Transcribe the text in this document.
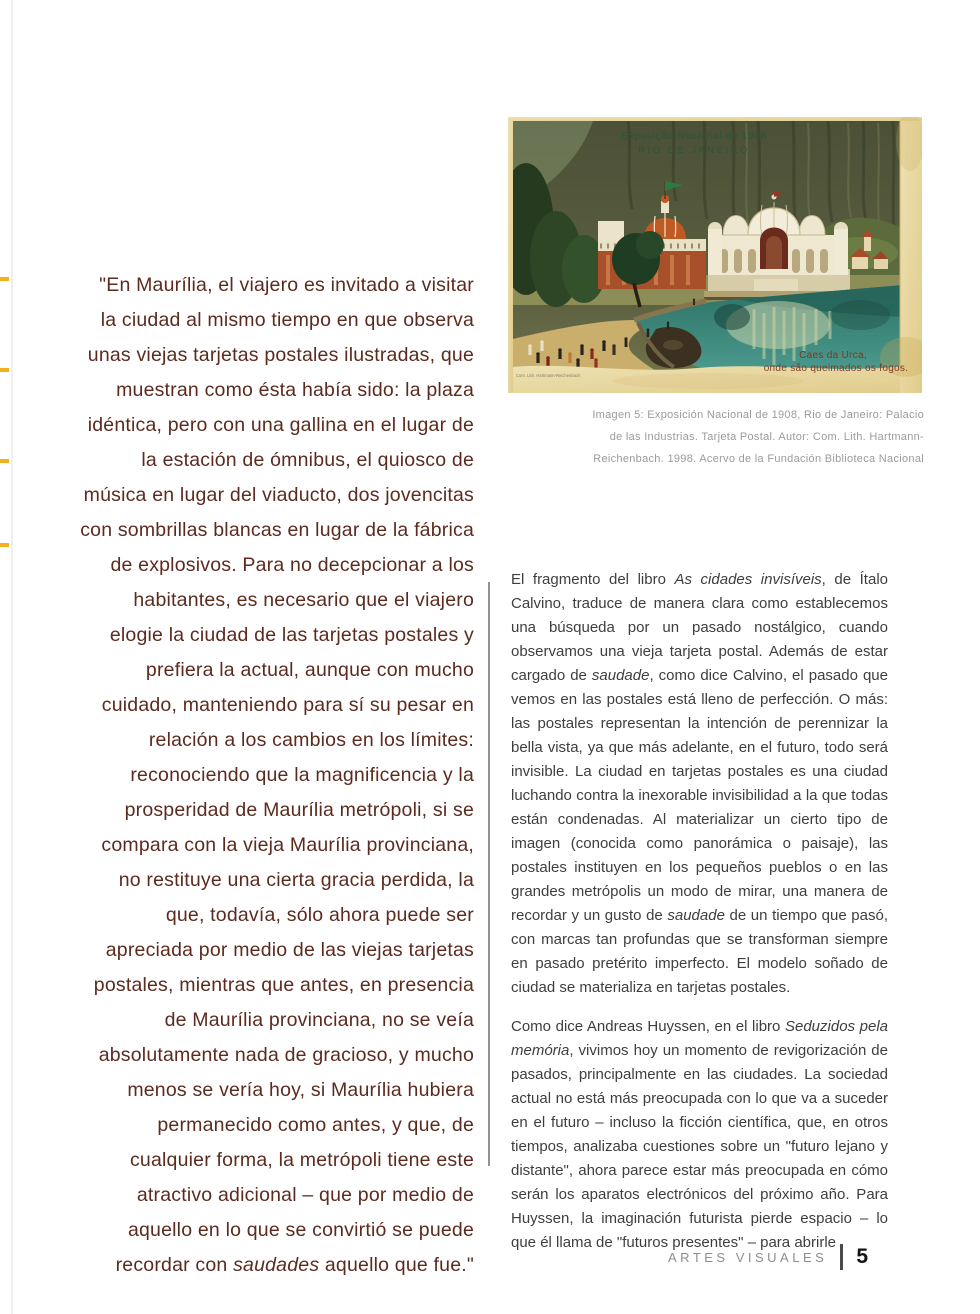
"En Maurília, el viajero es invitado a visitar la ciudad al mismo tiempo en que observa unas viejas tarjetas postales ilustradas, que muestran como ésta había sido: la plaza idéntica, pero con una gallina en el lugar de la estación de ómnibus, el quiosco de música en lugar del viaducto, dos jovencitas con sombrillas blancas en lugar de la fábrica de explosivos. Para no decepcionar a los habitantes, es necesario que el viajero elogie la ciudad de las tarjetas postales y prefiera la actual, aunque con mucho cuidado, manteniendo para sí su pesar en relación a los cambios en los límites: reconociendo que la magnificencia y la prosperidad de Maurília metrópoli, si se compara con la vieja Maurília provinciana, no restituye una cierta gracia perdida, la que, todavía, sólo ahora puede ser apreciada por medio de las viejas tarjetas postales, mientras que antes, en presencia de Maurília provinciana, no se veía absolutamente nada de gracioso, y mucho menos se vería hoy, si Maurília hubiera permanecido como antes, y que, de cualquier forma, la metrópoli tiene este atractivo adicional – que por medio de aquello en lo que se convirtió se puede recordar con saudades aquello que fue."
Exposição Nacional de 1908
RIO DE JANEIRO
Caes da Urca,
onde são queimados os fogos.
Com. Lith. Hartmann-Reichenbach
Imagen 5: Exposición Nacional de 1908, Rio de Janeiro: Palacio de las Industrias. Tarjeta Postal. Autor: Com. Lith. Hartmann-Reichenbach. 1998. Acervo de la Fundación Biblioteca Nacional

El fragmento del libro As cidades invisíveis, de Ítalo Calvino, traduce de manera clara como establecemos una búsqueda por un pasado nostálgico, cuando observamos una vieja tarjeta postal. Además de estar cargado de saudade, como dice Calvino, el pasado que vemos en las postales está lleno de perfección. O más: las postales representan la intención de perennizar la bella vista, ya que más adelante, en el futuro, todo será invisible. La ciudad en tarjetas postales es una ciudad luchando contra la inexorable invisibilidad a la que todas están condenadas. Al materializar un cierto tipo de imagen (conocida como panorámica o paisaje), las postales instituyen en los pequeños pueblos o en las grandes metrópolis un modo de mirar, una manera de recordar y un gusto de saudade de un tiempo que pasó, con marcas tan profundas que se transforman siempre en pasado pretérito imperfecto. El modelo soñado de ciudad se materializa en tarjetas postales.

Como dice Andreas Huyssen, en el libro Seduzidos pela memória, vivimos hoy un momento de revigorización de pasados, principalmente en las ciudades. La sociedad actual no está más preocupada con lo que va a suceder en el futuro – incluso la ficción científica, que, en otros tiempos, analizaba cuestiones sobre un "futuro lejano y distante", ahora parece estar más preocupada en cómo serán los aparatos electrónicos del próximo año. Para Huyssen, la imaginación futurista pierde espacio – lo que él llama de "futuros presentes" – para abrirle

ARTES VISUALES 5
